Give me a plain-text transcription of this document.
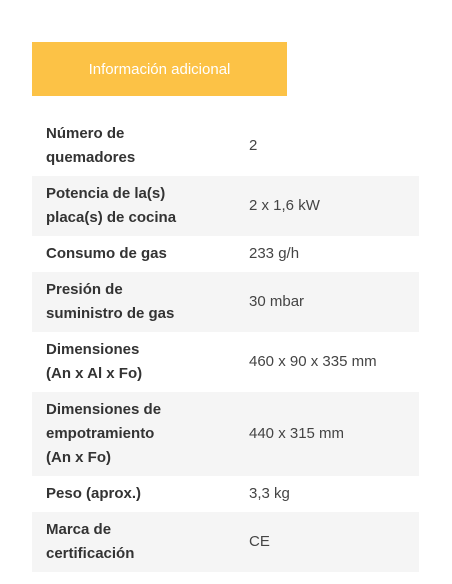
Información adicional
Número de
quemadores	2
Potencia de la(s)
placa(s) de cocina	2 x 1,6 kW
Consumo de gas	233 g/h
Presión de
suministro de gas	30 mbar
Dimensiones
(An x Al x Fo)	460 x 90 x 335 mm
Dimensiones de
empotramiento
(An x Fo)	440 x 315 mm
Peso (aprox.)	3,3 kg
Marca de
certificación	CE
